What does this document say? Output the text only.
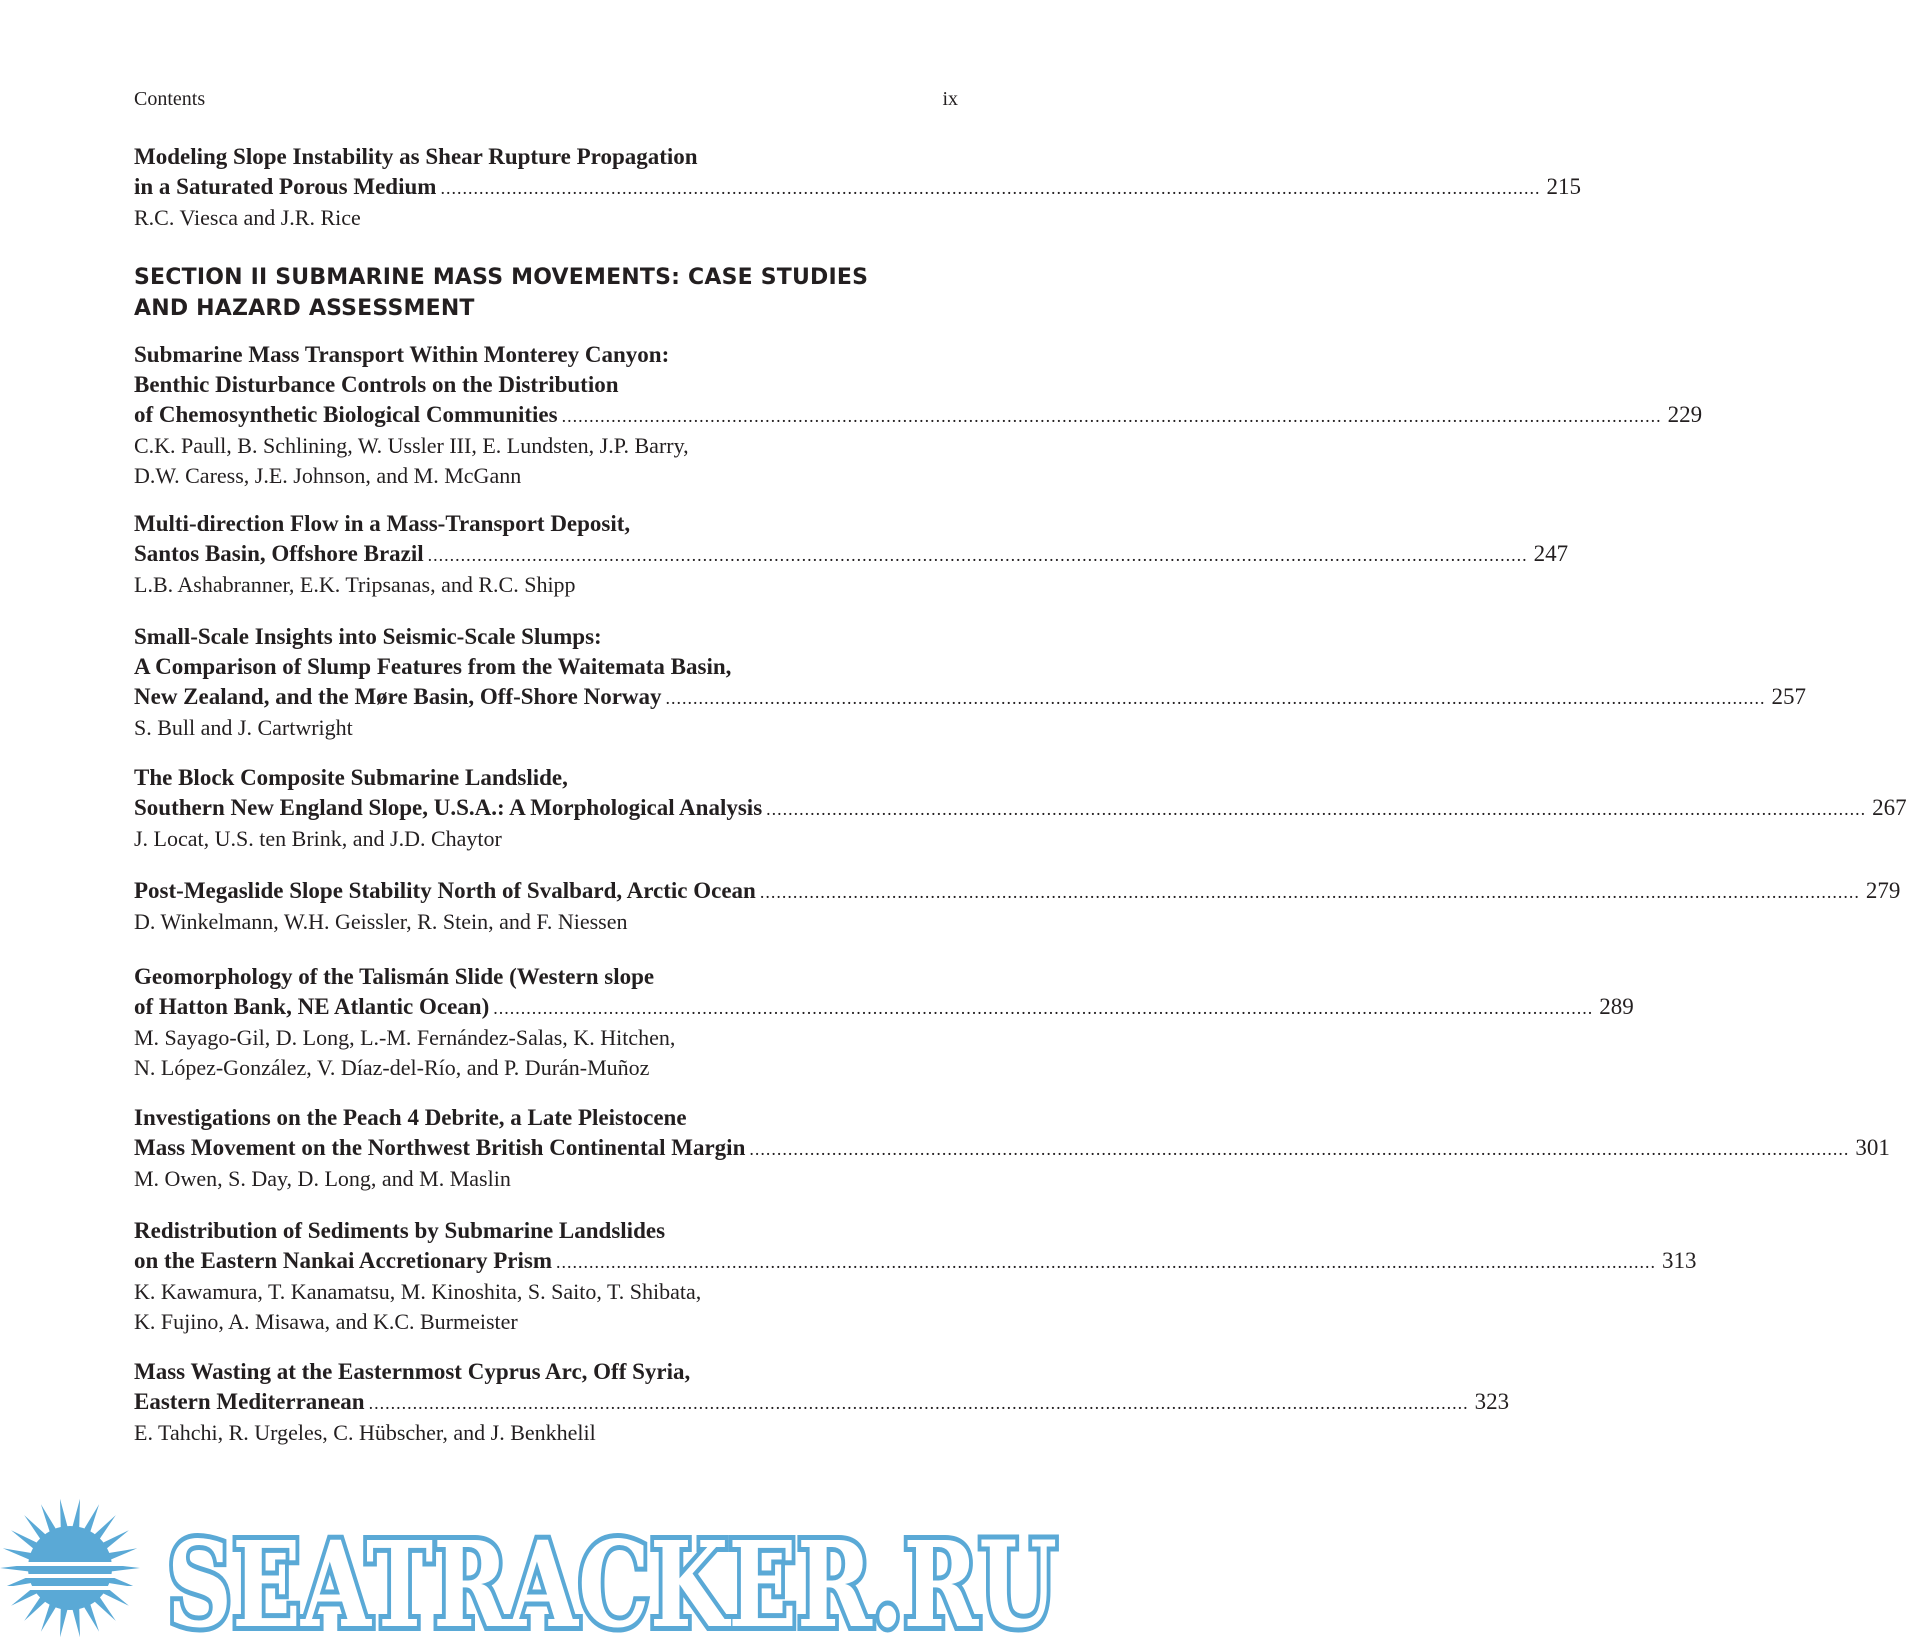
Contents	ix
SECTION II SUBMARINE MASS MOVEMENTS: CASE STUDIES
AND HAZARD ASSESSMENT
Modeling Slope Instability as Shear Rupture Propagation
in a Saturated Porous Medium ........................................................................................................................................................................................................ 215
R.C. Viesca and J.R. Rice
Submarine Mass Transport Within Monterey Canyon:
Benthic Disturbance Controls on the Distribution
of Chemosynthetic Biological Communities ........................................................................................................................................................................................................ 229
C.K. Paull, B. Schlining, W. Ussler III, E. Lundsten, J.P. Barry,
D.W. Caress, J.E. Johnson, and M. McGann
Multi-direction Flow in a Mass-Transport Deposit,
Santos Basin, Offshore Brazil ........................................................................................................................................................................................................ 247
L.B. Ashabranner, E.K. Tripsanas, and R.C. Shipp
Small-Scale Insights into Seismic-Scale Slumps:
A Comparison of Slump Features from the Waitemata Basin,
New Zealand, and the Møre Basin, Off-Shore Norway ........................................................................................................................................................................................................ 257
S. Bull and J. Cartwright
The Block Composite Submarine Landslide,
Southern New England Slope, U.S.A.: A Morphological Analysis ........................................................................................................................................................................................................ 267
J. Locat, U.S. ten Brink, and J.D. Chaytor
Post-Megaslide Slope Stability North of Svalbard, Arctic Ocean ........................................................................................................................................................................................................ 279
D. Winkelmann, W.H. Geissler, R. Stein, and F. Niessen
Geomorphology of the Talismán Slide (Western slope
of Hatton Bank, NE Atlantic Ocean) ........................................................................................................................................................................................................ 289
M. Sayago-Gil, D. Long, L.-M. Fernández-Salas, K. Hitchen,
N. López-González, V. Díaz-del-Río, and P. Durán-Muñoz
Investigations on the Peach 4 Debrite, a Late Pleistocene
Mass Movement on the Northwest British Continental Margin ........................................................................................................................................................................................................ 301
M. Owen, S. Day, D. Long, and M. Maslin
Redistribution of Sediments by Submarine Landslides
on the Eastern Nankai Accretionary Prism ........................................................................................................................................................................................................ 313
K. Kawamura, T. Kanamatsu, M. Kinoshita, S. Saito, T. Shibata,
K. Fujino, A. Misawa, and K.C. Burmeister
Mass Wasting at the Easternmost Cyprus Arc, Off Syria,
Eastern Mediterranean ........................................................................................................................................................................................................ 323
E. Tahchi, R. Urgeles, C. Hübscher, and J. Benkhelil
SEATRACKER.RU
